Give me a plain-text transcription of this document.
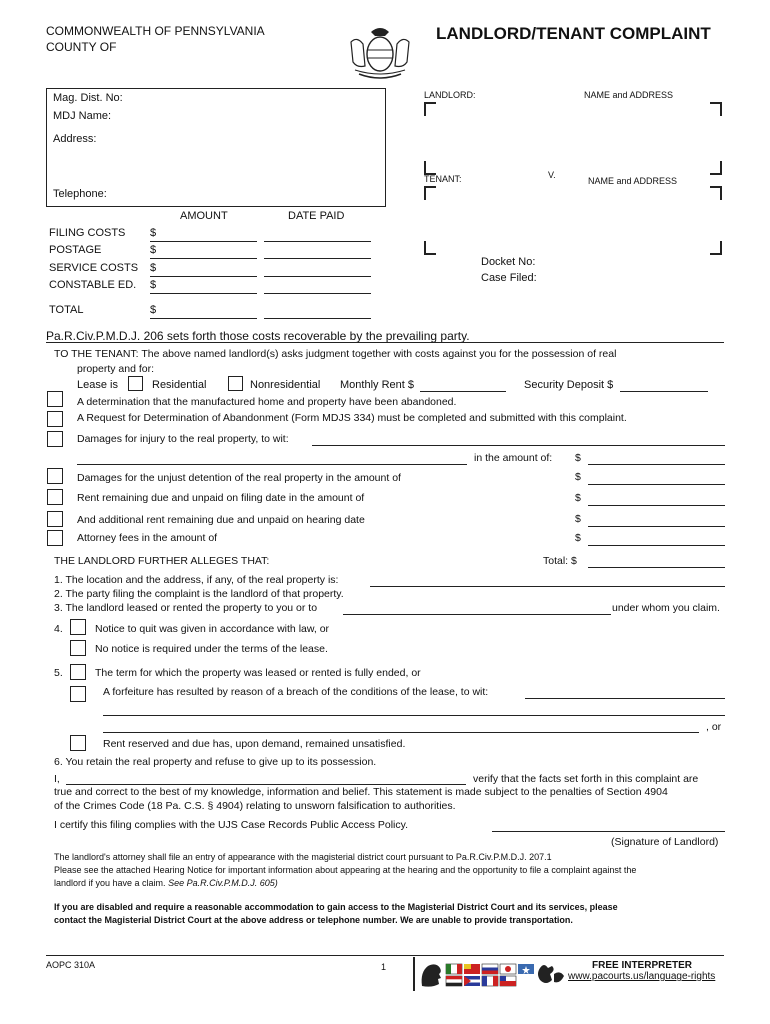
COMMONWEALTH OF PENNSYLVANIA
COUNTY OF
LANDLORD/TENANT COMPLAINT
Mag. Dist. No:
MDJ Name:
Address:
Telephone:
LANDLORD:	NAME and ADDRESS
V.
TENANT:	NAME and ADDRESS
AMOUNT	DATE PAID
FILING COSTS $
POSTAGE	$
SERVICE COSTS $
CONSTABLE ED. $
TOTAL	$
Docket No:
Case Filed:
Pa.R.Civ.P.M.D.J. 206 sets forth those costs recoverable by the prevailing party.
TO THE TENANT: The above named landlord(s) asks judgment together with costs against you for the possession of real
property and for:
Lease is	Residential	Nonresidential Monthly Rent $	Security Deposit $
A determination that the manufactured home and property have been abandoned.
A Request for Determination of Abandonment (Form MDJS 334) must be completed and submitted with this complaint.
Damages for injury to the real property, to wit:
in the amount of: $
Damages for the unjust detention of the real property in the amount of	$
Rent remaining due and unpaid on filing date in the amount of	$
And additional rent remaining due and unpaid on hearing date	$
Attorney fees in the amount of	$
THE LANDLORD FURTHER ALLEGES THAT:	Total: $
1. The location and the address, if any, of the real property is:
2. The party filing the complaint is the landlord of that property.
3. The landlord leased or rented the property to you or to	under whom you claim.
4.	Notice to quit was given in accordance with law, or
No notice is required under the terms of the lease.
5.	The term for which the property was leased or rented is fully ended, or
A forfeiture has resulted by reason of a breach of the conditions of the lease, to wit:
, or
Rent reserved and due has, upon demand, remained unsatisfied.
6. You retain the real property and refuse to give up to its possession.
I,	verify that the facts set forth in this complaint are
true and correct to the best of my knowledge, information and belief. This statement is made subject to the penalties of Section 4904
of the Crimes Code (18 Pa. C.S. § 4904) relating to unsworn falsification to authorities.
I certify this filing complies with the UJS Case Records Public Access Policy.
(Signature of Landlord)
The landlord's attorney shall file an entry of appearance with the magisterial district court pursuant to Pa.R.Civ.P.M.D.J. 207.1
Please see the attached Hearing Notice for important information about appearing at the hearing and the opportunity to file a complaint against the
landlord if you have a claim. See Pa.R.Civ.P.M.D.J. 605)
If you are disabled and require a reasonable accommodation to gain access to the Magisterial District Court and its services, please
contact the Magisterial District Court at the above address or telephone number. We are unable to provide transportation.
AOPC 310A	1	FREE INTERPRETER
www.pacourts.us/language-rights
